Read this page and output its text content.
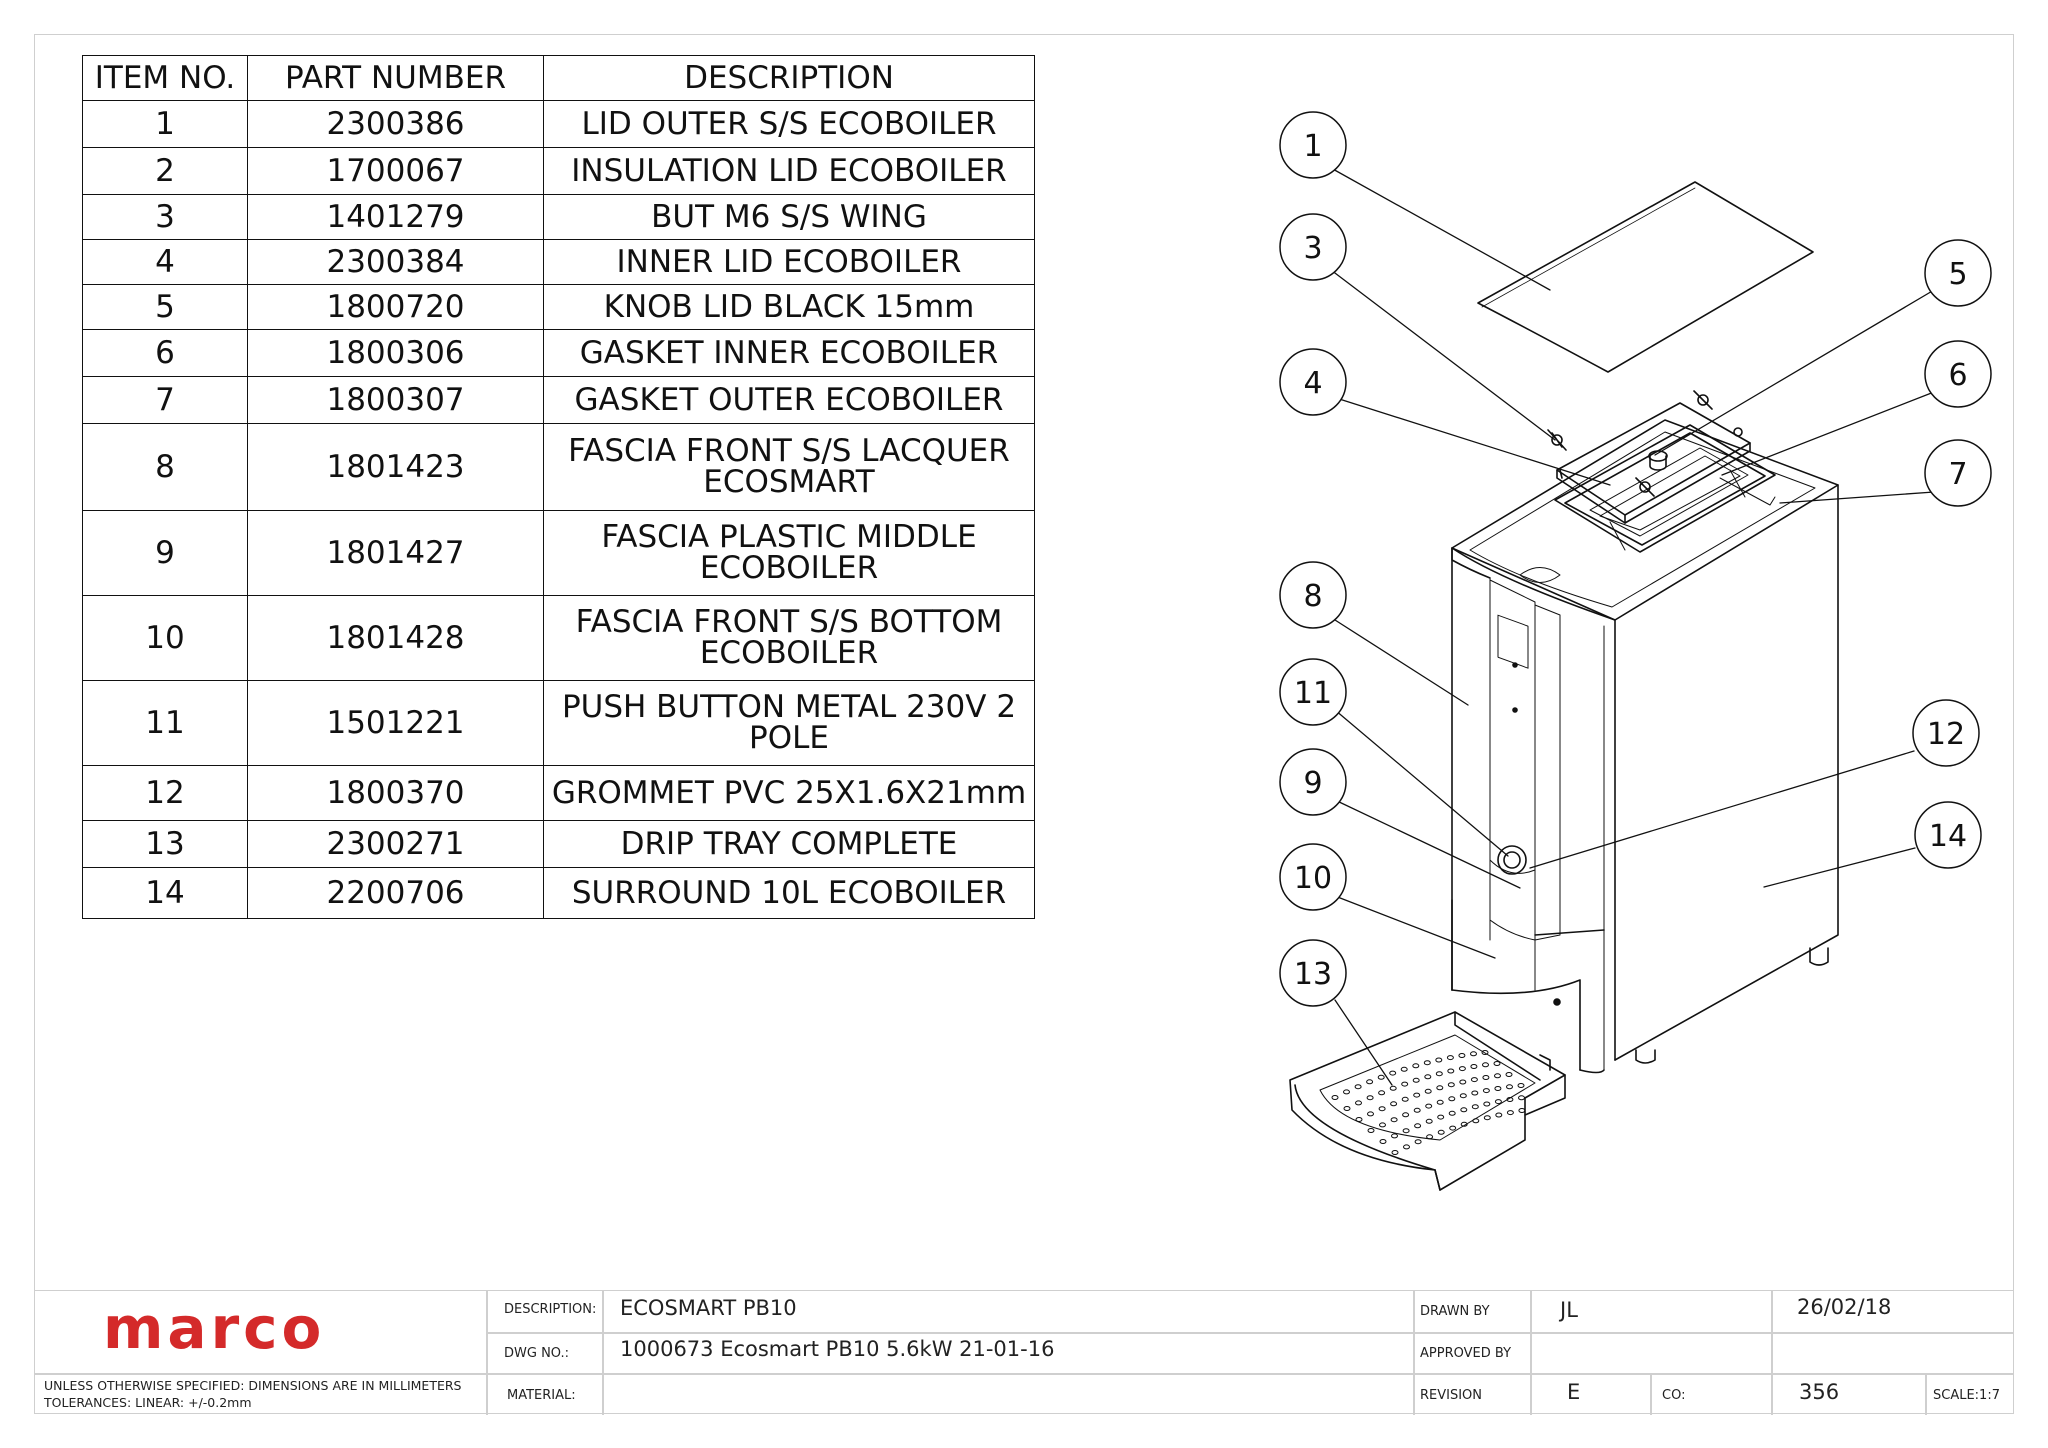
ITEM NO.	PART NUMBER	DESCRIPTION
1	2300386	LID OUTER S/S ECOBOILER
2	1700067	INSULATION LID ECOBOILER
3	1401279	BUT M6 S/S WING
4	2300384	INNER LID ECOBOILER
5	1800720	KNOB LID BLACK 15mm
6	1800306	GASKET INNER ECOBOILER
7	1800307	GASKET OUTER ECOBOILER
8	1801423	FASCIA FRONT S/S LACQUER ECOSMART
9	1801427	FASCIA PLASTIC MIDDLE ECOBOILER
10	1801428	FASCIA FRONT S/S BOTTOM ECOBOILER
11	1501221	PUSH BUTTON METAL 230V 2 POLE
12	1800370	GROMMET PVC 25X1.6X21mm
13	2300271	DRIP TRAY COMPLETE
14	2200706	SURROUND 10L ECOBOILER
1
3
4
5
6
7
8
11
9
10
12
14
13
marco
UNLESS OTHERWISE SPECIFIED: DIMENSIONS ARE IN MILLIMETERS
TOLERANCES: LINEAR: +/-0.2mm
DESCRIPTION: ECOSMART PB10
DWG NO.: 1000673 Ecosmart PB10 5.6kW 21-01-16
MATERIAL:
DRAWN BY	JL	26/02/18
APPROVED BY
REVISION	E	CO:	356	SCALE:1:7
